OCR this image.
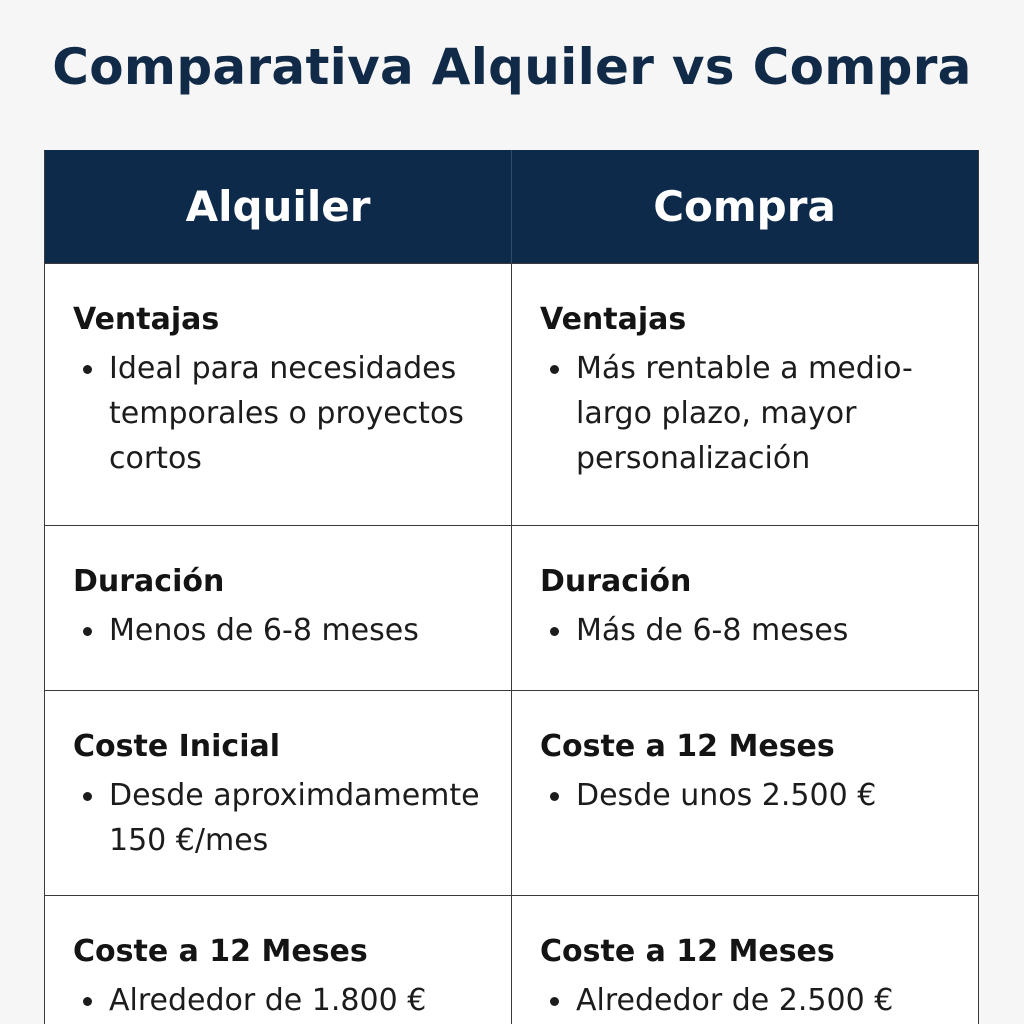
Comparativa Alquiler vs Compra
Alquiler	Compra
Ventajas
Ideal para necesidades temporales o proyectos cortos
Ventajas
Más rentable a medio-largo plazo, mayor personalización
Duración
Menos de 6-8 meses
Duración
Más de 6-8 meses
Coste Inicial
Desde aproximdamemte 150 €/mes
Coste a 12 Meses
Desde unos 2.500 €
Coste a 12 Meses
Alrededor de 1.800 €
Coste a 12 Meses
Alrededor de 2.500 €
